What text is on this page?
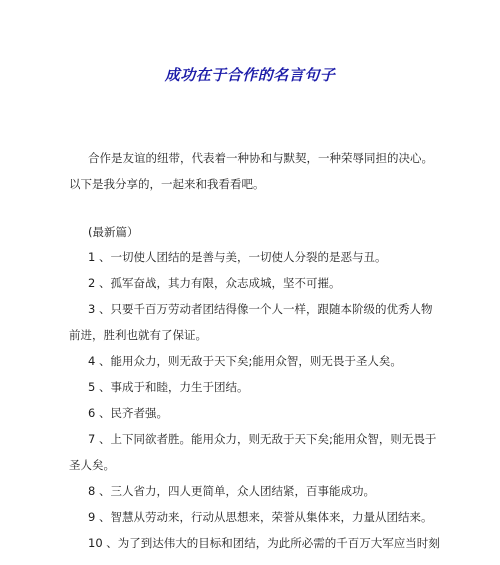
成功在于合作的名言句子
合作是友谊的纽带，代表着一种协和与默契，一种荣辱同担的决心。
以下是我分享的，一起来和我看看吧。
(最新篇）
1 、一切使人团结的是善与美，一切使人分裂的是恶与丑。
2 、孤军奋战，其力有限，众志成城，坚不可摧。
3 、只要千百万劳动者团结得像一个人一样，跟随本阶级的优秀人物
前进，胜利也就有了保证。
4 、能用众力，则无敌于天下矣;能用众智，则无畏于圣人矣。
5 、事成于和睦，力生于团结。
6 、民齐者强。
7 、上下同欲者胜。能用众力，则无敌于天下矣;能用众智，则无畏于
圣人矣。
8 、三人省力，四人更简单，众人团结紧，百事能成功。
9 、智慧从劳动来，行动从思想来，荣誉从集体来，力量从团结来。
10 、为了到达伟大的目标和团结，为此所必需的千百万大军应当时刻
